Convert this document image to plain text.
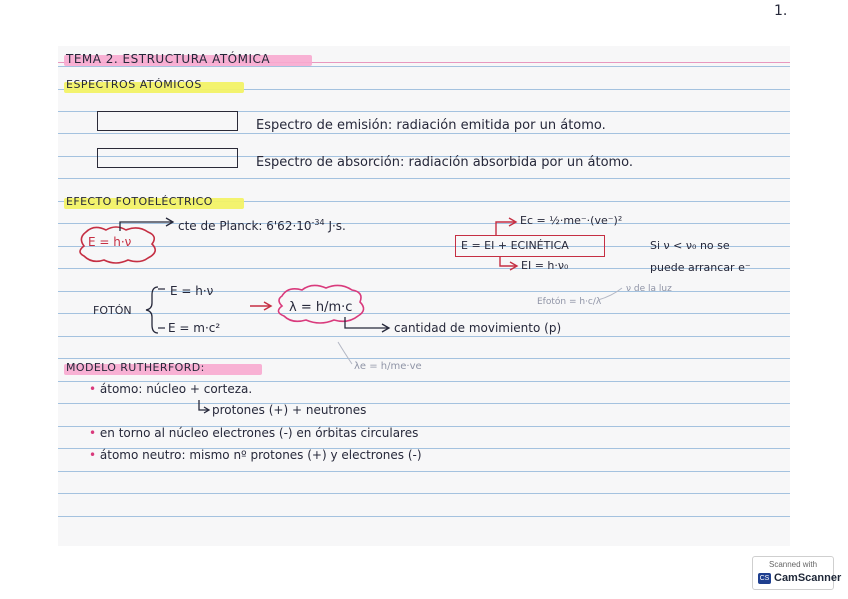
1.
TEMA 2. ESTRUCTURA ATÓMICA
ESPECTROS ATÓMICOS
Espectro de emisión: radiación emitida por un átomo.
Espectro de absorción: radiación absorbida por un átomo.
EFECTO FOTOELÉCTRICO
cte de Planck: $6'62\cdot 10^{-34}$ J·s.
E = h·ν
Ec = ½·me⁻·(ve⁻)²
E = EI + ECINÉTICA
EI = h·ν₀
Si ν < ν₀ no se
puede arrancar e⁻
E = h·ν
FOTÓN
E = m·c²
λ = h/m·c	Efotón = h·c/λ
ν de la luz
cantidad de movimiento (p)
λe = h/me·ve
MODELO RUTHERFORD:
• átomo: núcleo + corteza.
protones (+) + neutrones
• en torno al núcleo electrones (-) en órbitas circulares
• átomo neutro: mismo nº protones (+) y electrones (-)
Scanned with
CS CamScanner
